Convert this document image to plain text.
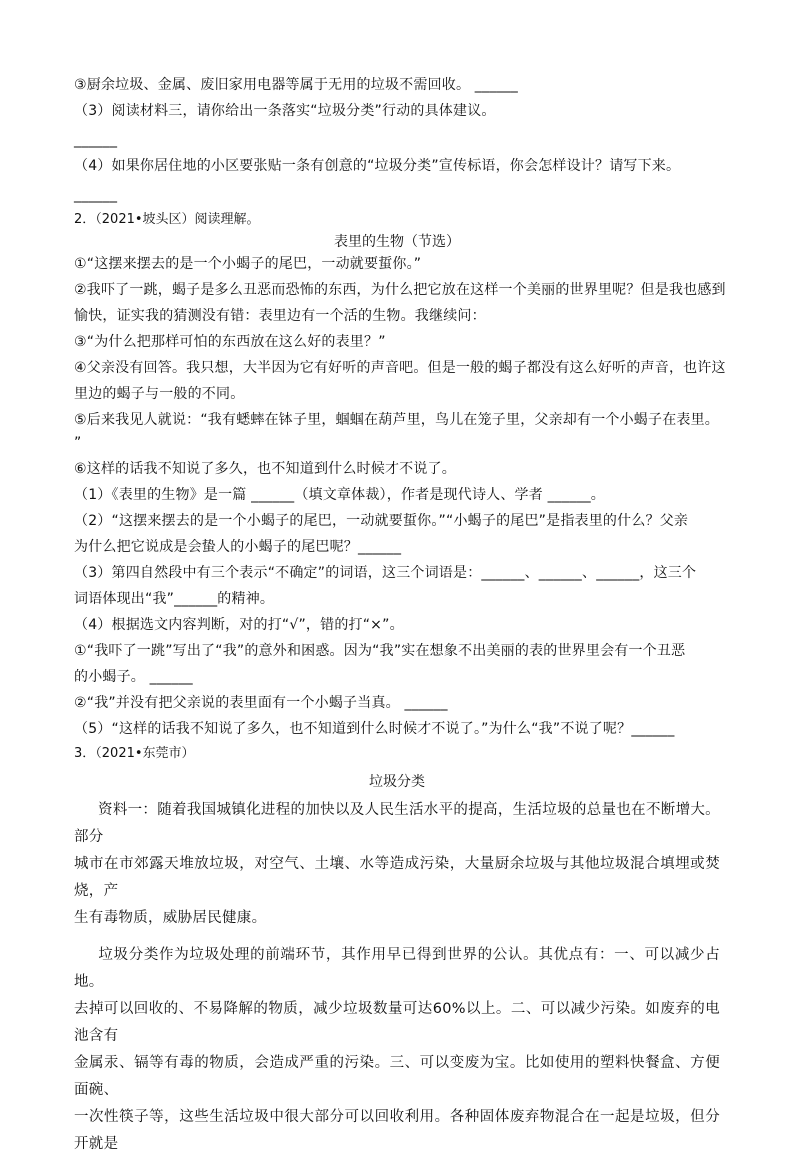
③厨余垃圾、金属、废旧家用电器等属于无用的垃圾不需回收。 ______

（3）阅读材料三，请你给出一条落实“垃圾分类”行动的具体建议。

______

（4）如果你居住地的小区要张贴一条有创意的“垃圾分类”宣传标语，你会怎样设计？请写下来。

______

2．（2021•坡头区）阅读理解。

表里的生物（节选）

①“这摆来摆去的是一个小蝎子的尾巴，一动就要蜇你。”

②我吓了一跳，蝎子是多么丑恶而恐怖的东西，为什么把它放在这样一个美丽的世界里呢？但是我也感到

愉快，证实我的猜测没有错：表里边有一个活的生物。我继续问：

③“为什么把那样可怕的东西放在这么好的表里？”

④父亲没有回答。我只想，大半因为它有好听的声音吧。但是一般的蝎子都没有这么好听的声音，也许这

里边的蝎子与一般的不同。

⑤后来我见人就说：“我有蟋蟀在钵子里，蝈蝈在葫芦里，鸟儿在笼子里，父亲却有一个小蝎子在表里。

”

⑥这样的话我不知说了多久，也不知道到什么时候才不说了。

（1）《表里的生物》是一篇 ______（填文章体裁），作者是现代诗人、学者 ______。

（2）“这摆来摆去的是一个小蝎子的尾巴，一动就要蜇你。”“小蝎子的尾巴”是指表里的什么？父亲

为什么把它说成是会蛰人的小蝎子的尾巴呢？______

（3）第四自然段中有三个表示“不确定”的词语，这三个词语是：______、______、______，这三个

词语体现出“我”______的精神。

（4）根据选文内容判断，对的打“√”，错的打“×”。

①“我吓了一跳”写出了“我”的意外和困惑。因为“我”实在想象不出美丽的表的世界里会有一个丑恶

的小蝎子。 ______

②“我”并没有把父亲说的表里面有一个小蝎子当真。 ______

（5）“这样的话我不知说了多久，也不知道到什么时候才不说了。”为什么“我”不说了呢？______

3．（2021•东莞市）

垃圾分类

资料一：随着我国城镇化进程的加快以及人民生活水平的提高，生活垃圾的总量也在不断增大。部分

城市在市郊露天堆放垃圾，对空气、土壤、水等造成污染，大量厨余垃圾与其他垃圾混合填埋或焚烧，产

生有毒物质，威胁居民健康。

垃圾分类作为垃圾处理的前端环节，其作用早已得到世界的公认。其优点有：一、可以减少占地。

去掉可以回收的、不易降解的物质，减少垃圾数量可达60%以上。二、可以减少污染。如废弃的电池含有

金属汞、镉等有毒的物质，会造成严重的污染。三、可以变废为宝。比如使用的塑料快餐盒、方便面碗、

一次性筷子等，这些生活垃圾中很大部分可以回收利用。各种固体废弃物混合在一起是垃圾，但分开就是
